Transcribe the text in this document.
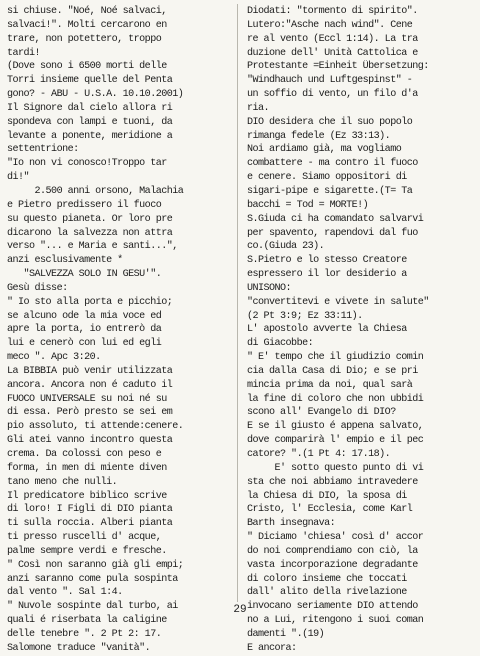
si chiuse. "Noé, Noé salvaci,
salvaci!". Molti cercarono en
trare, non potettero, troppo
tardi!
(Dove sono i 6500 morti delle
Torri insieme quelle del Penta
gono? - ABU - U.S.A. 10.10.2001)
Il Signore dal cielo allora ri
spondeva con lampi e tuoni, da
levante a ponente, meridione a
settentrione:
"Io non vi conosco!Troppo tar
di!"
2.500 anni orsono, Malachia
e Pietro predissero il fuoco
su questo pianeta. Or loro pre
dicarono la salvezza non attra
verso "... e Maria e santi...",
anzi esclusivamente *
"SALVEZZA SOLO IN GESU'".
Gesù disse:
" Io sto alla porta e picchio;
se alcuno ode la mia voce ed
apre la porta, io entrerò da
lui e cenerò con lui ed egli
meco ". Apc 3:20.
La BIBBIA può venir utilizzata
ancora. Ancora non é caduto il
FUOCO UNIVERSALE su noi né su
di essa. Però presto se sei em
pio assoluto, ti attende:cenere.
Gli atei vanno incontro questa
crema. Da colossi con peso e
forma, in men di miente diven
tano meno che nulli.
Il predicatore biblico scrive
di loro! I Figli di DIO pianta
ti sulla roccia. Alberi pianta
ti presso ruscelli d' acque,
palme sempre verdi e fresche.
" Così non saranno già gli empi;
anzi saranno come pula sospinta
dal vento ". Sal 1:4.
" Nuvole sospinte dal turbo, ai
quali é riserbata la caligine
delle tenebre ". 2 Pt 2: 17.
Salomone traduce "vanità".
Diodati: "tormento di spirito".
Lutero:"Asche nach wind". Cene
re al vento (Eccl 1:14). La tra
duzione dell' Unità Cattolica e
Protestante =Einheit Übersetzung:
"Windhauch und Luftgespinst" -
un soffio di vento, un filo d'a
ria.
DIO desidera che il suo popolo
rimanga fedele (Ez 33:13).
Noi ardiamo già, ma vogliamo
combattere - ma contro il fuoco
e cenere. Siamo oppositori di
sigari-pipe e sigarette.(T= Ta
bacchi = Tod = MORTE!)
S.Giuda ci ha comandato salvarvi
per spavento, rapendovi dal fuo
co.(Giuda 23).
S.Pietro e lo stesso Creatore
espressero il lor desiderio a
UNISONO:
"convertitevi e vivete in salute"
(2 Pt 3:9; Ez 33:11).
L' apostolo avverte la Chiesa
di Giacobbe:
" E' tempo che il giudizio comin
cia dalla Casa di Dio; e se pri
mincia prima da noi, qual sarà
la fine di coloro che non ubbidi
scono all' Evangelo di DIO?
E se il giusto é appena salvato,
dove comparirà l' empio e il pec
catore? ".(1 Pt 4: 17.18).
E' sotto questo punto di vi
sta che noi abbiamo intravedere
la Chiesa di DIO, la sposa di
Cristo, l' Ecclesia, come Karl
Barth insegnava:
" Diciamo 'chiesa' così d' accor
do noi comprendiamo con ciò, la
vasta incorporazione degradante
di coloro insieme che toccati
dall' alito della rivelazione
invocano seriamente DIO attendo
no a Lui, ritengono i suoi coman
damenti ".(19)
E ancora:
29
